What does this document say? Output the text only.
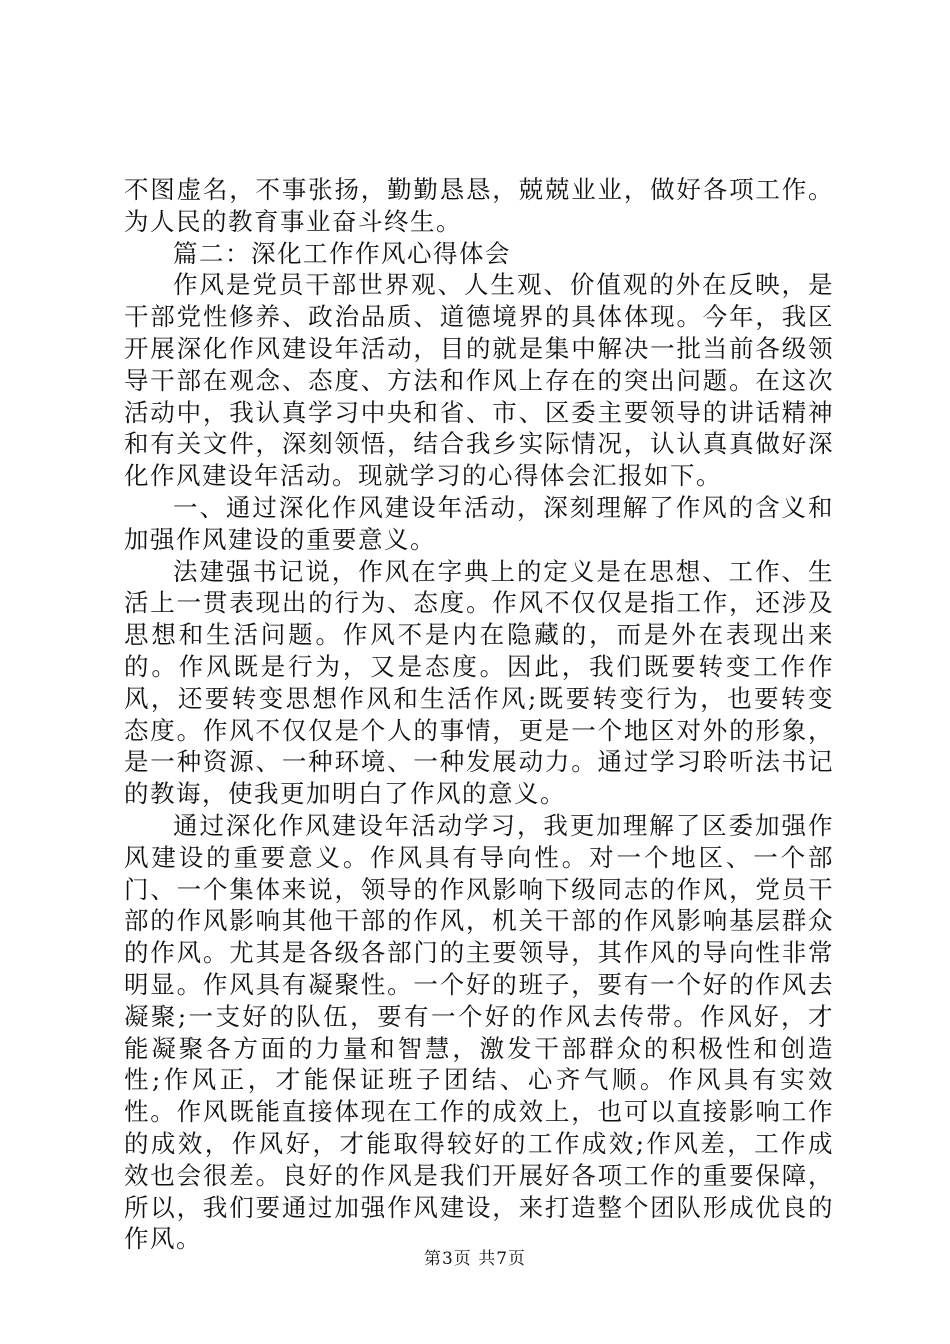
不图虚名，不事张扬，勤勤恳恳，兢兢业业，做好各项工作。为人民的教育事业奋斗终生。

篇二：深化工作作风心得体会

作风是党员干部世界观、人生观、价值观的外在反映，是干部党性修养、政治品质、道德境界的具体体现。今年，我区开展深化作风建设年活动，目的就是集中解决一批当前各级领导干部在观念、态度、方法和作风上存在的突出问题。在这次活动中，我认真学习中央和省、市、区委主要领导的讲话精神和有关文件，深刻领悟，结合我乡实际情况，认认真真做好深化作风建设年活动。现就学习的心得体会汇报如下。

一、通过深化作风建设年活动，深刻理解了作风的含义和加强作风建设的重要意义。

法建强书记说，作风在字典上的定义是在思想、工作、生活上一贯表现出的行为、态度。作风不仅仅是指工作，还涉及思想和生活问题。作风不是内在隐藏的，而是外在表现出来的。作风既是行为，又是态度。因此，我们既要转变工作作风，还要转变思想作风和生活作风;既要转变行为，也要转变态度。作风不仅仅是个人的事情，更是一个地区对外的形象，是一种资源、一种环境、一种发展动力。通过学习聆听法书记的教诲，使我更加明白了作风的意义。

通过深化作风建设年活动学习，我更加理解了区委加强作风建设的重要意义。作风具有导向性。对一个地区、一个部门、一个集体来说，领导的作风影响下级同志的作风，党员干部的作风影响其他干部的作风，机关干部的作风影响基层群众的作风。尤其是各级各部门的主要领导，其作风的导向性非常明显。作风具有凝聚性。一个好的班子，要有一个好的作风去凝聚;一支好的队伍，要有一个好的作风去传带。作风好，才能凝聚各方面的力量和智慧，激发干部群众的积极性和创造性;作风正，才能保证班子团结、心齐气顺。作风具有实效性。作风既能直接体现在工作的成效上，也可以直接影响工作的成效，作风好，才能取得较好的工作成效;作风差，工作成效也会很差。良好的作风是我们开展好各项工作的重要保障，所以，我们要通过加强作风建设，来打造整个团队形成优良的作风。

第3页 共7页
